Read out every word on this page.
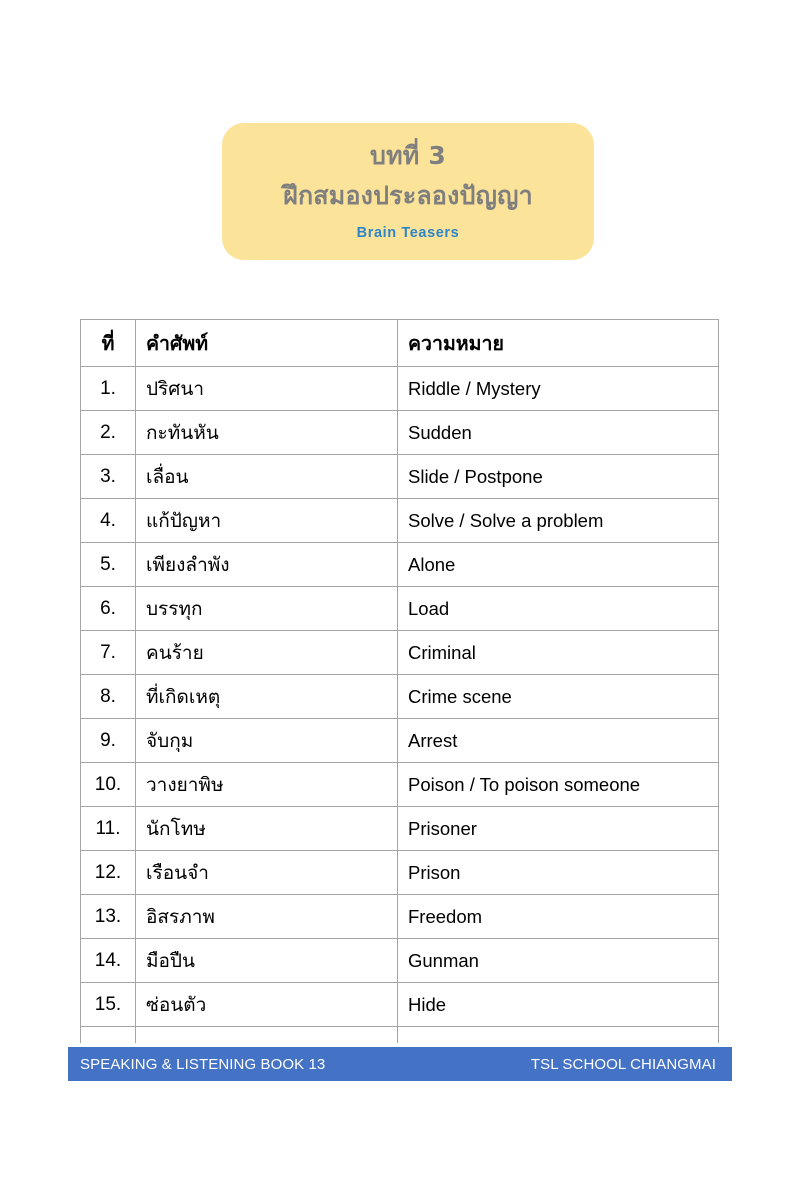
บทที่ 3
ฝึกสมองประลองปัญญา
Brain Teasers
ที่	คำศัพท์	ความหมาย
1.	ปริศนา	Riddle / Mystery
2.	กะทันหัน	Sudden
3.	เลื่อน	Slide / Postpone
4.	แก้ปัญหา	Solve / Solve a problem
5.	เพียงลำพัง	Alone
6.	บรรทุก	Load
7.	คนร้าย	Criminal
8.	ที่เกิดเหตุ	Crime scene
9.	จับกุม	Arrest
10.	วางยาพิษ	Poison / To poison someone
11.	นักโทษ	Prisoner
12.	เรือนจำ	Prison
13.	อิสรภาพ	Freedom
14.	มือปืน	Gunman
15.	ซ่อนตัว	Hide

SPEAKING & LISTENING BOOK 13	TSL SCHOOL CHIANGMAI
